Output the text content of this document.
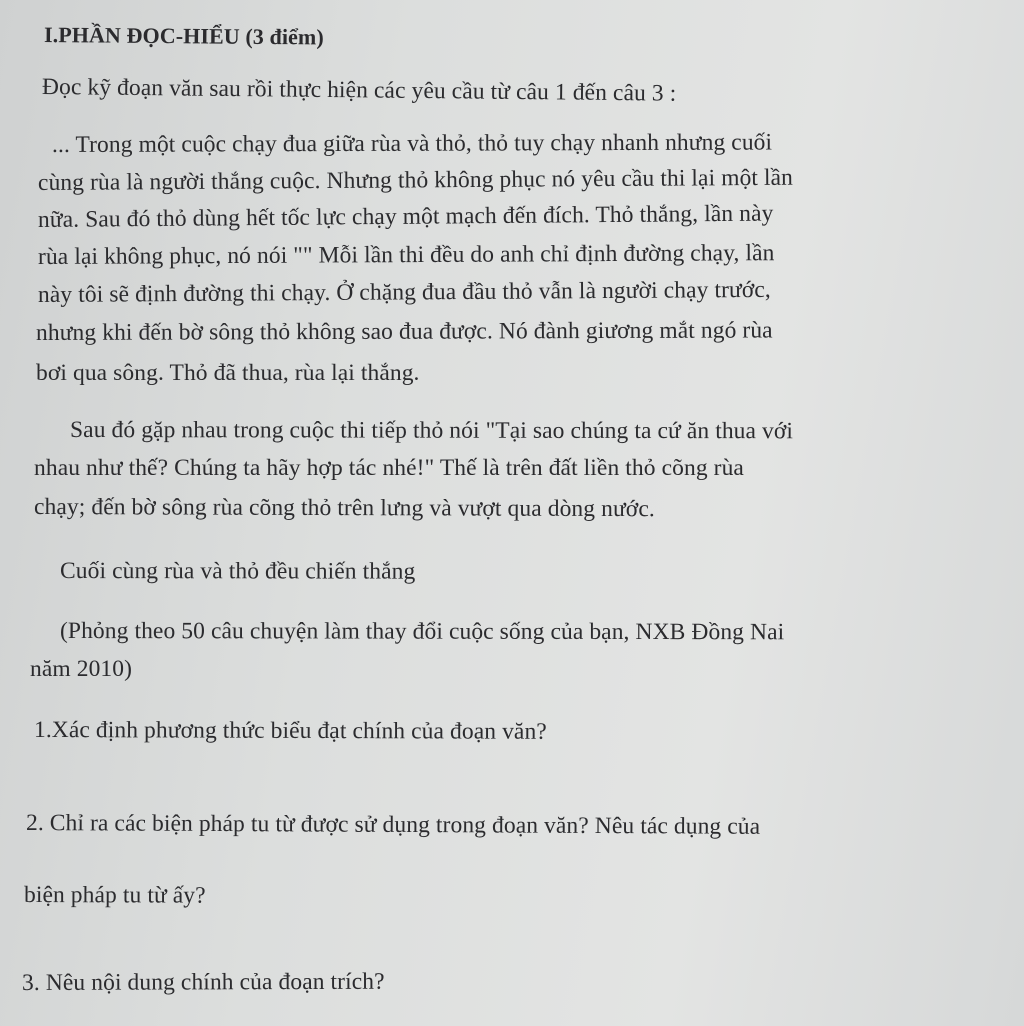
I.PHẦN ĐỌC-HIỂU (3 điểm)
Đọc kỹ đoạn văn sau rồi thực hiện các yêu cầu từ câu 1 đến câu 3 :
... Trong một cuộc chạy đua giữa rùa và thỏ, thỏ tuy chạy nhanh nhưng cuối
cùng rùa là người thắng cuộc. Nhưng thỏ không phục nó yêu cầu thi lại một lần
nữa. Sau đó thỏ dùng hết tốc lực chạy một mạch đến đích. Thỏ thắng, lần này
rùa lại không phục, nó nói "" Mỗi lần thi đều do anh chỉ định đường chạy, lần
này tôi sẽ định đường thi chạy. Ở chặng đua đầu thỏ vẫn là người chạy trước,
nhưng khi đến bờ sông thỏ không sao đua được. Nó đành giương mắt ngó rùa
bơi qua sông. Thỏ đã thua, rùa lại thắng.
Sau đó gặp nhau trong cuộc thi tiếp thỏ nói "Tại sao chúng ta cứ ăn thua với
nhau như thế? Chúng ta hãy hợp tác nhé!" Thế là trên đất liền thỏ cõng rùa
chạy; đến bờ sông rùa cõng thỏ trên lưng và vượt qua dòng nước.
Cuối cùng rùa và thỏ đều chiến thắng
(Phỏng theo 50 câu chuyện làm thay đổi cuộc sống của bạn, NXB Đồng Nai
năm 2010)
1.Xác định phương thức biểu đạt chính của đoạn văn?
2. Chỉ ra các biện pháp tu từ được sử dụng trong đoạn văn? Nêu tác dụng của
biện pháp tu từ ấy?
3. Nêu nội dung chính của đoạn trích?
